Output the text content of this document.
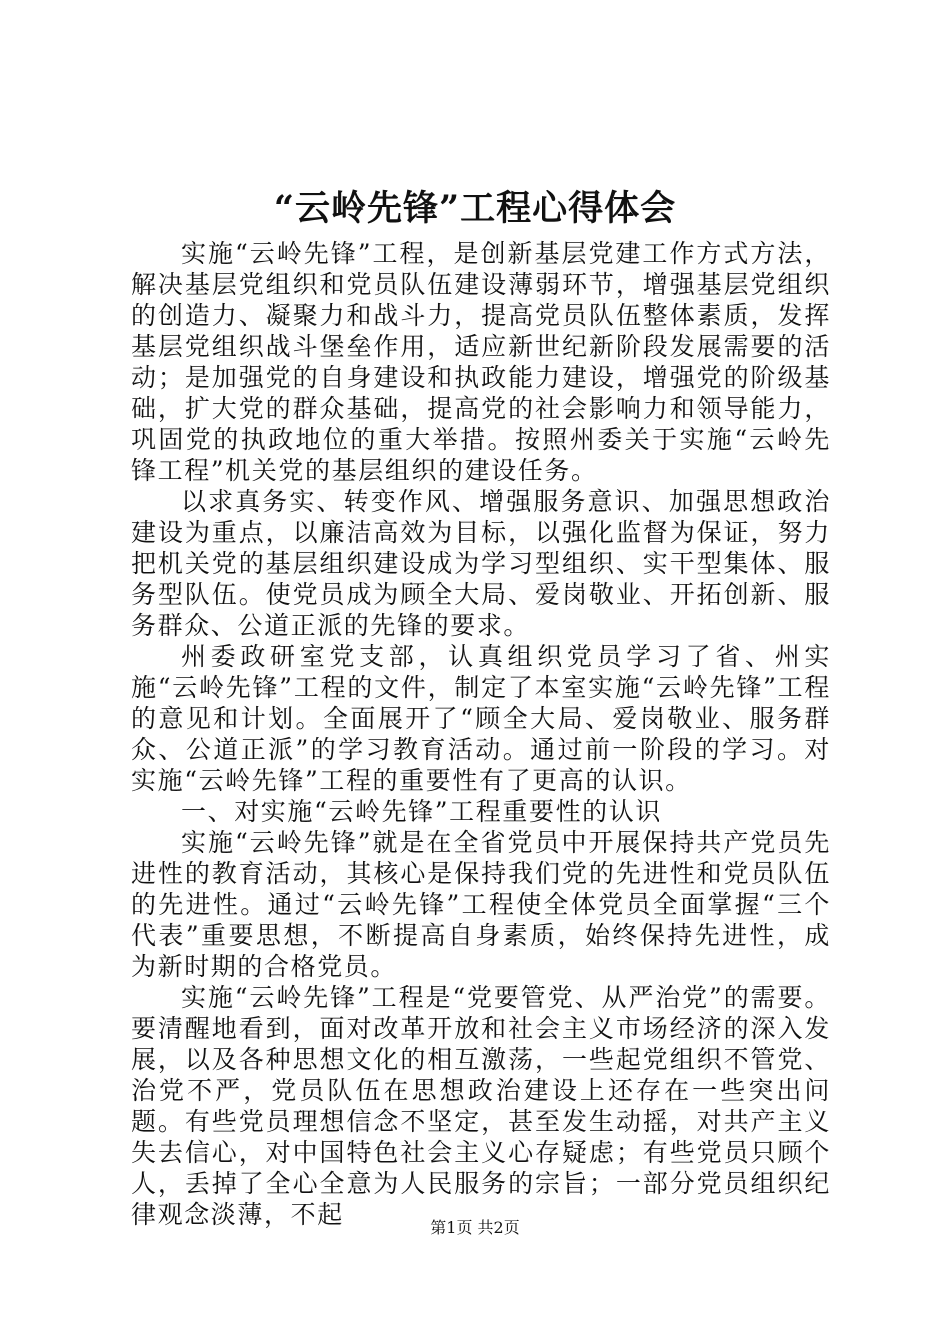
“云岭先锋”工程心得体会

实施“云岭先锋”工程，是创新基层党建工作方式方法，解决基层党组织和党员队伍建设薄弱环节，增强基层党组织的创造力、凝聚力和战斗力，提高党员队伍整体素质，发挥基层党组织战斗堡垒作用，适应新世纪新阶段发展需要的活动；是加强党的自身建设和执政能力建设，增强党的阶级基础，扩大党的群众基础，提高党的社会影响力和领导能力，巩固党的执政地位的重大举措。按照州委关于实施“云岭先锋工程”机关党的基层组织的建设任务。

以求真务实、转变作风、增强服务意识、加强思想政治建设为重点，以廉洁高效为目标，以强化监督为保证，努力把机关党的基层组织建设成为学习型组织、实干型集体、服务型队伍。使党员成为顾全大局、爱岗敬业、开拓创新、服务群众、公道正派的先锋的要求。

州委政研室党支部，认真组织党员学习了省、州实施“云岭先锋”工程的文件，制定了本室实施“云岭先锋”工程的意见和计划。全面展开了“顾全大局、爱岗敬业、服务群众、公道正派”的学习教育活动。通过前一阶段的学习。对实施“云岭先锋”工程的重要性有了更高的认识。

一、对实施“云岭先锋”工程重要性的认识

实施“云岭先锋”就是在全省党员中开展保持共产党员先进性的教育活动，其核心是保持我们党的先进性和党员队伍的先进性。通过“云岭先锋”工程使全体党员全面掌握“三个代表”重要思想，不断提高自身素质，始终保持先进性，成为新时期的合格党员。

实施“云岭先锋”工程是“党要管党、从严治党”的需要。要清醒地看到，面对改革开放和社会主义市场经济的深入发展，以及各种思想文化的相互激荡，一些起党组织不管党、治党不严，党员队伍在思想政治建设上还存在一些突出问题。有些党员理想信念不坚定，甚至发生动摇，对共产主义失去信心，对中国特色社会主义心存疑虑；有些党员只顾个人，丢掉了全心全意为人民服务的宗旨；一部分党员组织纪律观念淡薄，不起	第1页 共2页
